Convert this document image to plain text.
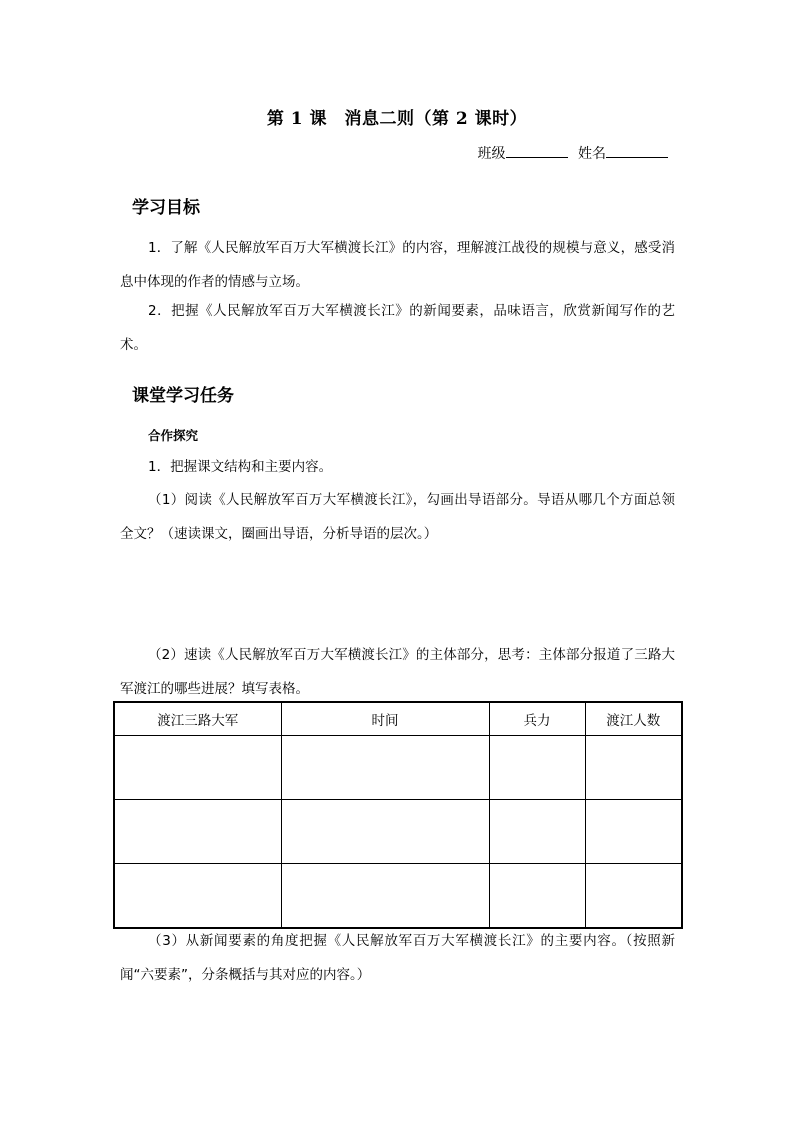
第 1 课　消息二则（第 2 课时）
班级	姓名
学习目标
1．了解《人民解放军百万大军横渡长江》的内容，理解渡江战役的规模与意义，感受消息中体现的作者的情感与立场。
2．把握《人民解放军百万大军横渡长江》的新闻要素，品味语言，欣赏新闻写作的艺术。
课堂学习任务
合作探究
1．把握课文结构和主要内容。
（1）阅读《人民解放军百万大军横渡长江》，勾画出导语部分。导语从哪几个方面总领全文？（速读课文，圈画出导语，分析导语的层次。）
（2）速读《人民解放军百万大军横渡长江》的主体部分，思考：主体部分报道了三路大军渡江的哪些进展？填写表格。
渡江三路大军	时间	兵力	渡江人数

（3）从新闻要素的角度把握《人民解放军百万大军横渡长江》的主要内容。（按照新闻“六要素”，分条概括与其对应的内容。）
